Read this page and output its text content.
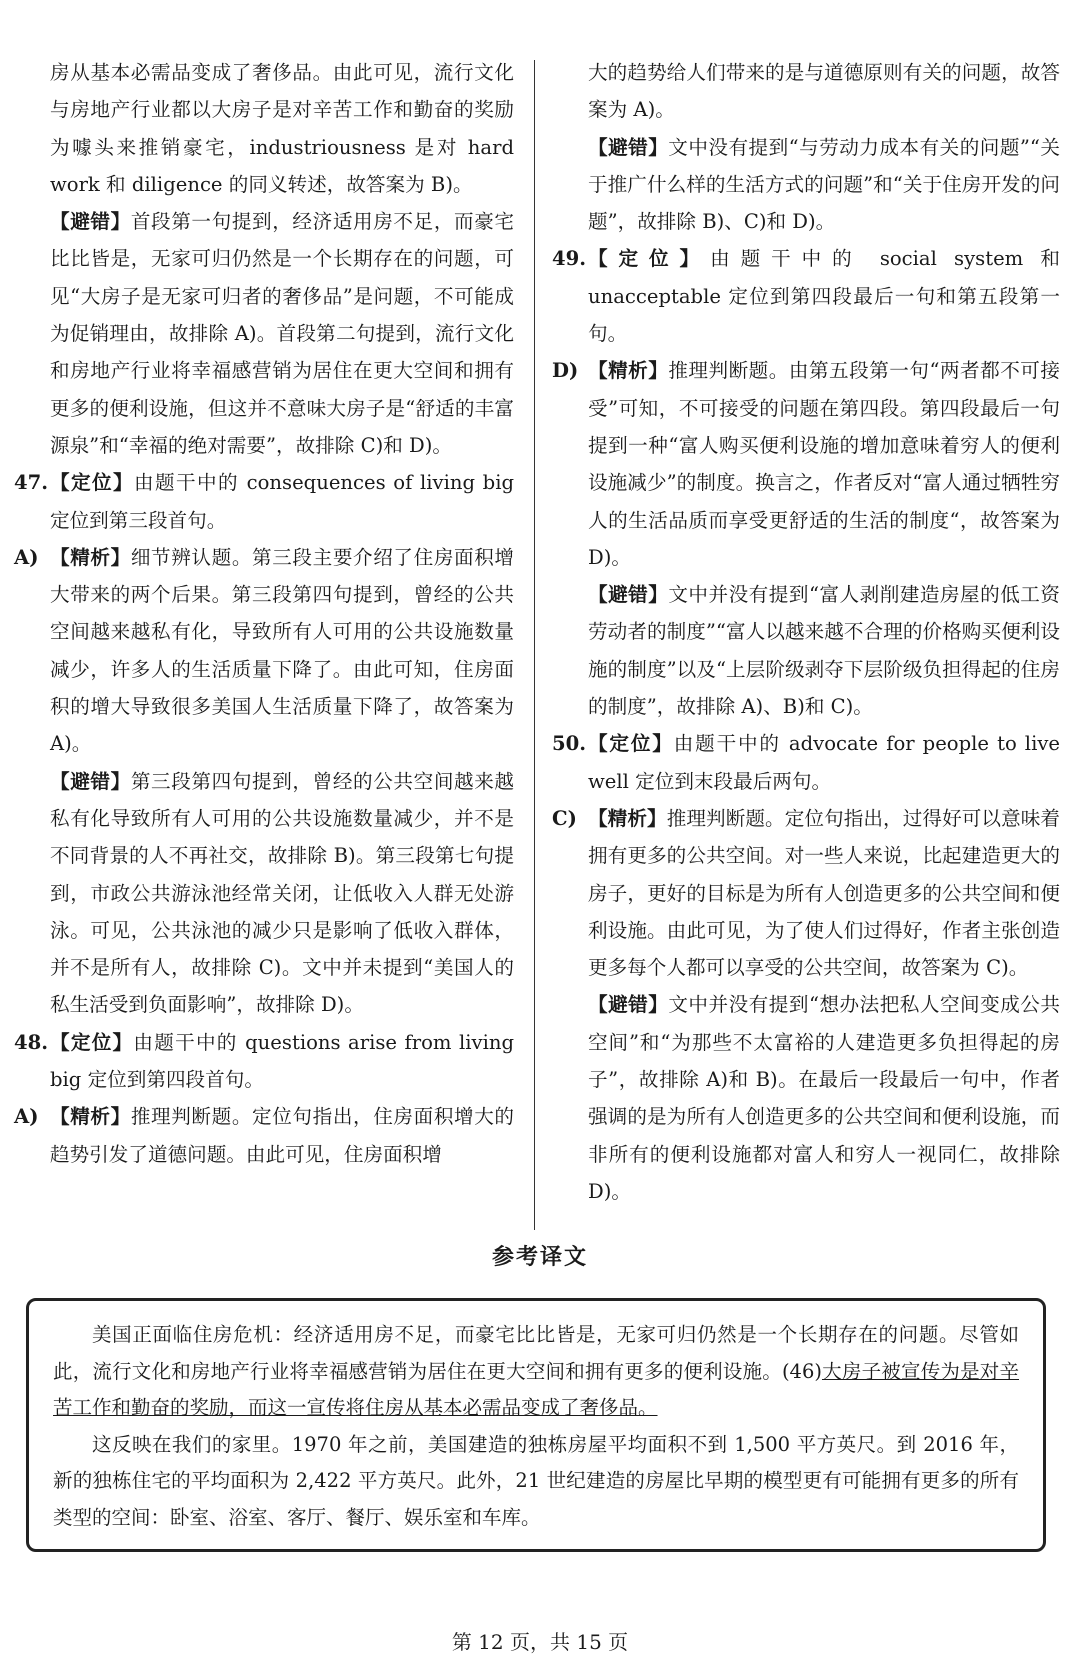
房从基本必需品变成了奢侈品。由此可见，流行文化与房地产行业都以大房子是对辛苦工作和勤奋的奖励为噱头来推销豪宅，industriousness 是对 hard work 和 diligence 的同义转述，故答案为 B)。
【避错】首段第一句提到，经济适用房不足，而豪宅比比皆是，无家可归仍然是一个长期存在的问题，可见“大房子是无家可归者的奢侈品”是问题，不可能成为促销理由，故排除 A)。首段第二句提到，流行文化和房地产行业将幸福感营销为居住在更大空间和拥有更多的便利设施，但这并不意味大房子是“舒适的丰富源泉”和“幸福的绝对需要”，故排除 C)和 D)。
47. 【定位】由题干中的 consequences of living big 定位到第三段首句。
A) 【精析】细节辨认题。第三段主要介绍了住房面积增大带来的两个后果。第三段第四句提到，曾经的公共空间越来越私有化，导致所有人可用的公共设施数量减少，许多人的生活质量下降了。由此可知，住房面积的增大导致很多美国人生活质量下降了，故答案为 A)。
【避错】第三段第四句提到，曾经的公共空间越来越私有化导致所有人可用的公共设施数量减少，并不是不同背景的人不再社交，故排除 B)。第三段第七句提到，市政公共游泳池经常关闭，让低收入人群无处游泳。可见，公共泳池的减少只是影响了低收入群体，并不是所有人，故排除 C)。文中并未提到“美国人的私生活受到负面影响”，故排除 D)。
48. 【定位】由题干中的 questions arise from living big 定位到第四段首句。
A) 【精析】推理判断题。定位句指出，住房面积增大的趋势引发了道德问题。由此可见，住房面积增
大的趋势给人们带来的是与道德原则有关的问题，故答案为 A)。
【避错】文中没有提到“与劳动力成本有关的问题”“关于推广什么样的生活方式的问题”和“关于住房开发的问题”，故排除 B)、C)和 D)。
49. 【定位】由题干中的 social system 和 unacceptable 定位到第四段最后一句和第五段第一句。
D) 【精析】推理判断题。由第五段第一句“两者都不可接受”可知，不可接受的问题在第四段。第四段最后一句提到一种“富人购买便利设施的增加意味着穷人的便利设施减少”的制度。换言之，作者反对“富人通过牺牲穷人的生活品质而享受更舒适的生活的制度“，故答案为 D)。
【避错】文中并没有提到“富人剥削建造房屋的低工资劳动者的制度”“富人以越来越不合理的价格购买便利设施的制度”以及“上层阶级剥夺下层阶级负担得起的住房的制度”，故排除 A)、B)和 C)。
50. 【定位】由题干中的 advocate for people to live well 定位到末段最后两句。
C) 【精析】推理判断题。定位句指出，过得好可以意味着拥有更多的公共空间。对一些人来说，比起建造更大的房子，更好的目标是为所有人创造更多的公共空间和便利设施。由此可见，为了使人们过得好，作者主张创造更多每个人都可以享受的公共空间，故答案为 C)。
【避错】文中并没有提到“想办法把私人空间变成公共空间”和“为那些不太富裕的人建造更多负担得起的房子”，故排除 A)和 B)。在最后一段最后一句中，作者强调的是为所有人创造更多的公共空间和便利设施，而非所有的便利设施都对富人和穷人一视同仁，故排除 D)。
参考译文

美国正面临住房危机：经济适用房不足，而豪宅比比皆是，无家可归仍然是一个长期存在的问题。尽管如此，流行文化和房地产行业将幸福感营销为居住在更大空间和拥有更多的便利设施。(46)大房子被宣传为是对辛苦工作和勤奋的奖励，而这一宣传将住房从基本必需品变成了奢侈品。

这反映在我们的家里。1970 年之前，美国建造的独栋房屋平均面积不到 1,500 平方英尺。到 2016 年，新的独栋住宅的平均面积为 2,422 平方英尺。此外，21 世纪建造的房屋比早期的模型更有可能拥有更多的所有类型的空间：卧室、浴室、客厅、餐厅、娱乐室和车库。

第 12 页，共 15 页
